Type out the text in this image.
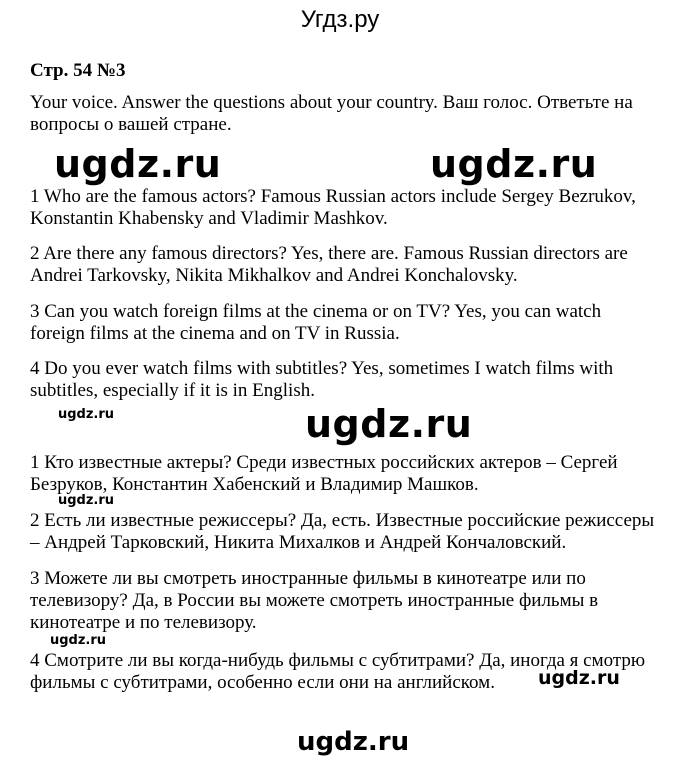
Угдз.ру
Стр. 54 №3

Your voice. Answer the questions about your country. Ваш голос. Ответьте на вопросы о вашей стране.

1 Who are the famous actors? Famous Russian actors include Sergey Bezrukov, Konstantin Khabensky and Vladimir Mashkov.

2 Are there any famous directors? Yes, there are. Famous Russian directors are Andrei Tarkovsky, Nikita Mikhalkov and Andrei Konchalovsky.

3 Can you watch foreign films at the cinema or on TV? Yes, you can watch foreign films at the cinema and on TV in Russia.

4 Do you ever watch films with subtitles? Yes, sometimes I watch films with subtitles, especially if it is in English.

1 Кто известные актеры? Среди известных российских актеров – Сергей Безруков, Константин Хабенский и Владимир Машков.

2 Есть ли известные режиссеры? Да, есть. Известные российские режиссеры – Андрей Тарковский, Никита Михалков и Андрей Кончаловский.

3 Можете ли вы смотреть иностранные фильмы в кинотеатре или по телевизору? Да, в России вы можете смотреть иностранные фильмы в кинотеатре и по телевизору.

4 Смотрите ли вы когда-нибудь фильмы с субтитрами? Да, иногда я смотрю фильмы с субтитрами, особенно если они на английском.

ugdz.ru	ugdz.ru
ugdz.ru
ugdz.ru
ugdz.ru
ugdz.ru
ugdz.ru
ugdz.ru
